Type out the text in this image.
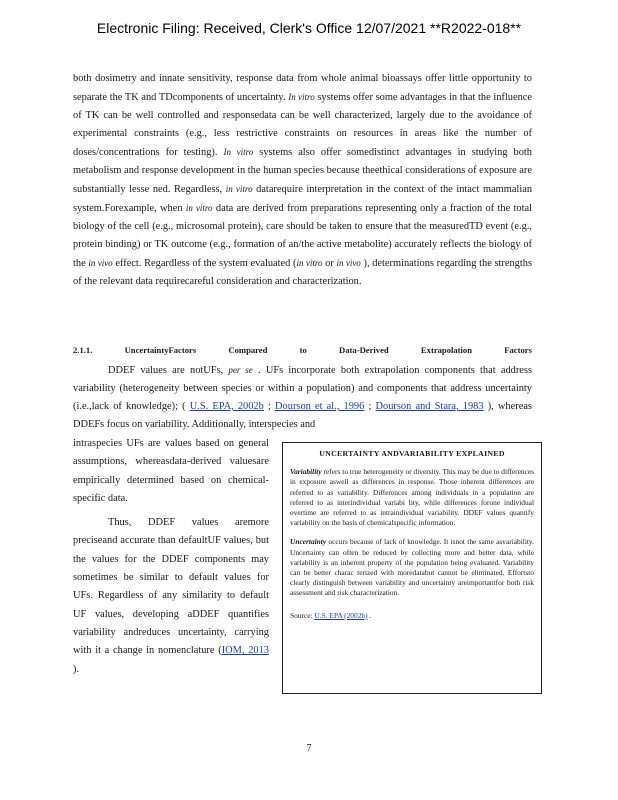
Electronic Filing: Received, Clerk's Office 12/07/2021 **R2022-018**
both dosimetry and innate sensitivity, response data from whole animal bioassays offer little opportunity to separate the TK and TDcomponents of uncertainty. In vitro systems offer some advantages in that the influence of TK can be well controlled and responsedata can be well characterized, largely due to the avoidance of experimental constraints (e.g., less restrictive constraints on resources in areas like the number of doses/concentrations for testing). In vitro systems also offer somedistinct advantages in studying both metabolism and response development in the human species because theethical considerations of exposure are substantially lesse ned. Regardless, in vitro datarequire interpretation in the context of the intact mammalian system.Forexample, when in vitro data are derived from preparations representing only a fraction of the total biology of the cell (e.g., microsomal protein), care should be taken to ensure that the measuredTD event (e.g., protein binding) or TK outcome (e.g., formation of an/the active metabolite) accurately reflects the biology of the in vivo effect. Regardless of the system evaluated (in vitro or in vivo ), determinations regarding the strengths of the relevant data requirecareful consideration and characterization.
2.1.1.	UncertaintyFactors	Compared	to	Data-Derived	Extrapolation	Factors
DDEF values are notUFs, per se . UFs incorporate both extrapolation components that address variability (heterogeneity between species or within a population) and components that address uncertainty (i.e.,lack of knowledge); ( U.S. EPA, 2002b ; Dourson et al., 1996 ; Dourson and Stara, 1983 ), whereas DDEFs focus on variability. Additionally, interspecies and
intraspecies UFs are values based on general assumptions, whereasdata-derived valuesare empirically determined based on chemical-specific data.
Thus, DDEF values aremore preciseand accurate than defaultUF values, but the values for the DDEF components may sometimes be similar to default values for UFs. Regardless of any similarity to default UF values, developing aDDEF quantifies variability andreduces uncertainty, carrying with it a change in nomenclature (IOM, 2013 ).
UNCERTAINTY ANDVARIABILITY EXPLAINED

Variability refers to true heterogeneity or diversity. This may be due to differences in exposure aswell as differences in response. Those inherent differences are referred to as variability. Differences among individuals in a population are referred to as interindividual variabi lity, while differences forone individual overtime are referred to as intraindividual variability. DDEF values quantify variability on the basis of chemicalspecific information.

Uncertainty occurs because of lack of knowledge. It isnot the same asvariability. Uncertainty can often be reduced by collecting more and better data, while variability is an inherent property of the population being evaluated. Variability can be better charac terized with moredatabut cannot be eliminated. Effortsto clearly distinguish between variability and uncertainty areimportantfor both risk assessment and risk characterization.

Source: U.S. EPA (2002b) .
7
